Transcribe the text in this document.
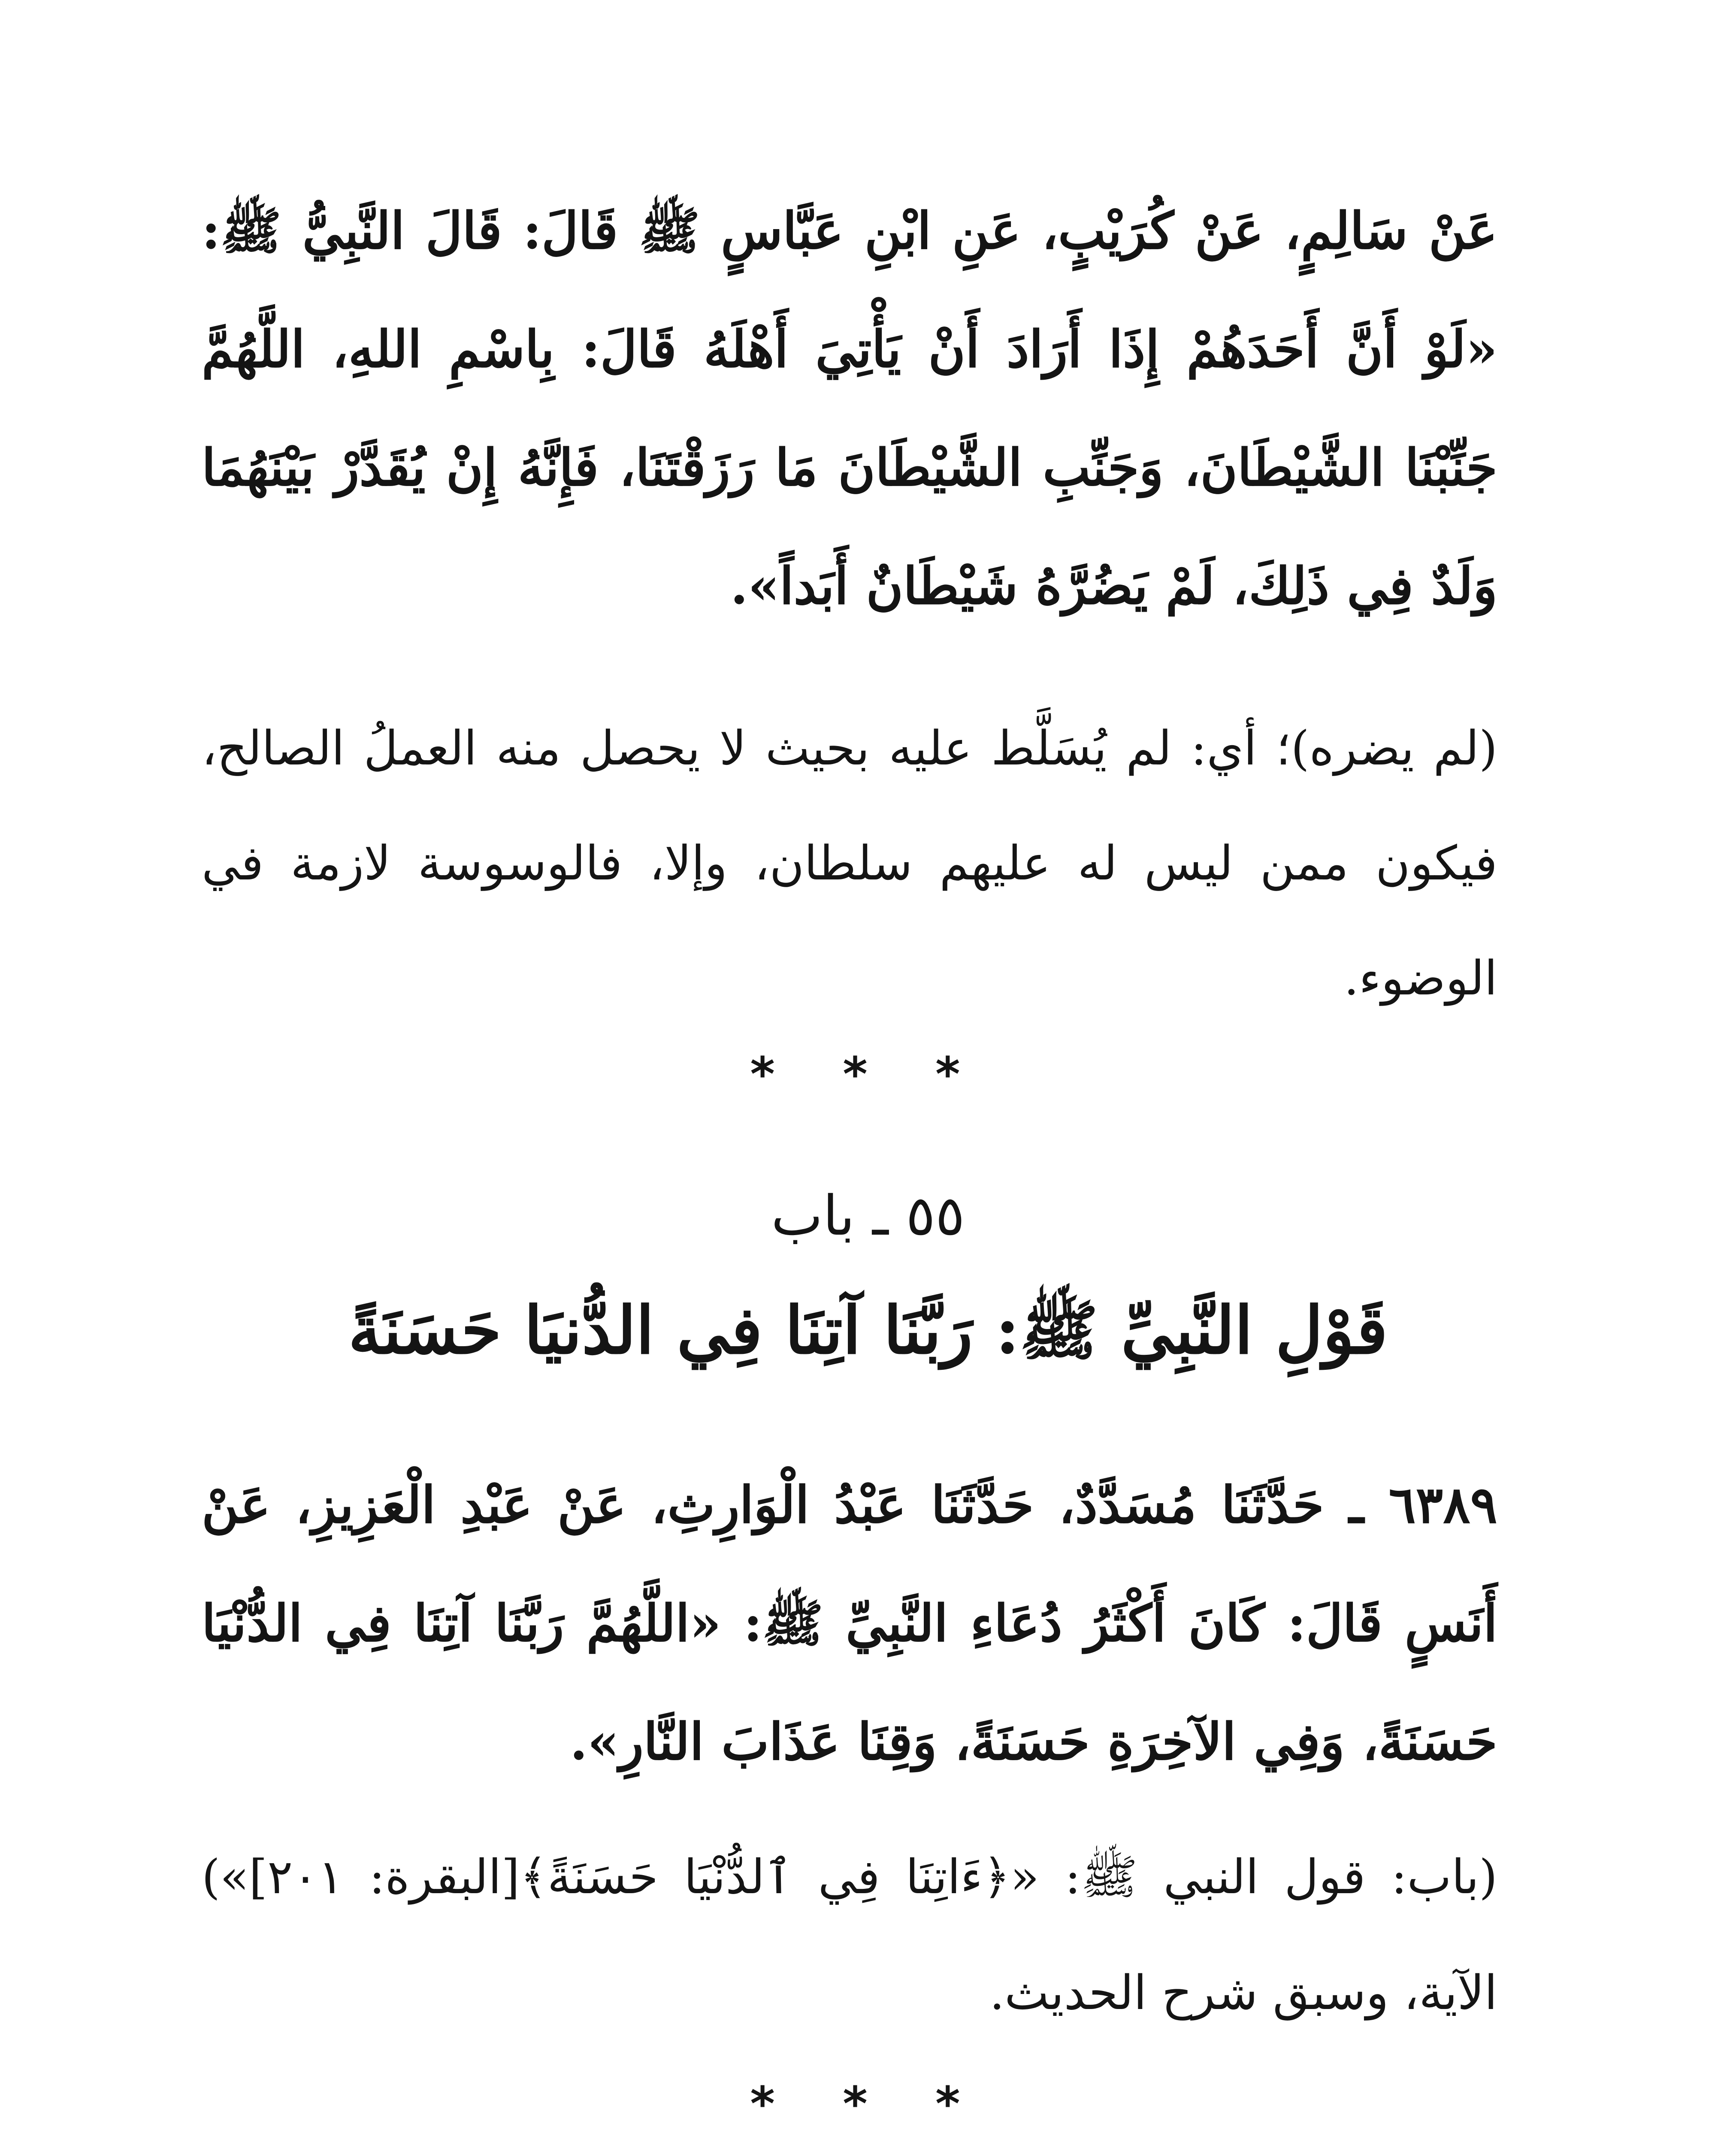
عَنْ سَالِمٍ، عَنْ كُرَيْبٍ، عَنِ ابْنِ عَبَّاسٍ ﷺ قَالَ: قَالَ النَّبِيُّ ﷺ: «لَوْ أَنَّ أَحَدَهُمْ إِذَا أَرَادَ أَنْ يَأْتِيَ أَهْلَهُ قَالَ: بِاسْمِ اللهِ، اللَّهُمَّ جَنِّبْنَا الشَّيْطَانَ، وَجَنِّبِ الشَّيْطَانَ مَا رَزَقْتَنَا، فَإِنَّهُ إِنْ يُقَدَّرْ بَيْنَهُمَا وَلَدٌ فِي ذَلِكَ، لَمْ يَضُرَّهُ شَيْطَانٌ أَبَداً».
(لم يضره)؛ أي: لم يُسَلَّط عليه بحيث لا يحصل منه العملُ الصالح، فيكون ممن ليس له عليهم سلطان، وإلا، فالوسوسة لازمة في الوضوء.
* * *
٥٥ ـ باب
قَوْلِ النَّبِيِّ ﷺ: رَبَّنَا آتِنَا فِي الدُّنيَا حَسَنَةً
٦٣٨٩ ـ حَدَّثَنَا مُسَدَّدٌ، حَدَّثَنَا عَبْدُ الْوَارِثِ، عَنْ عَبْدِ الْعَزِيزِ، عَنْ أَنَسٍ قَالَ: كَانَ أَكْثَرُ دُعَاءِ النَّبِيِّ ﷺ: «اللَّهُمَّ رَبَّنَا آتِنَا فِي الدُّنْيَا حَسَنَةً، وَفِي الآخِرَةِ حَسَنَةً، وَقِنَا عَذَابَ النَّارِ».
(باب: قول النبي ﷺ: «﴿ءَاتِنَا فِي ٱلدُّنْيَا حَسَنَةً﴾[البقرة: ٢٠١]») الآية، وسبق شرح الحديث.
* * *
